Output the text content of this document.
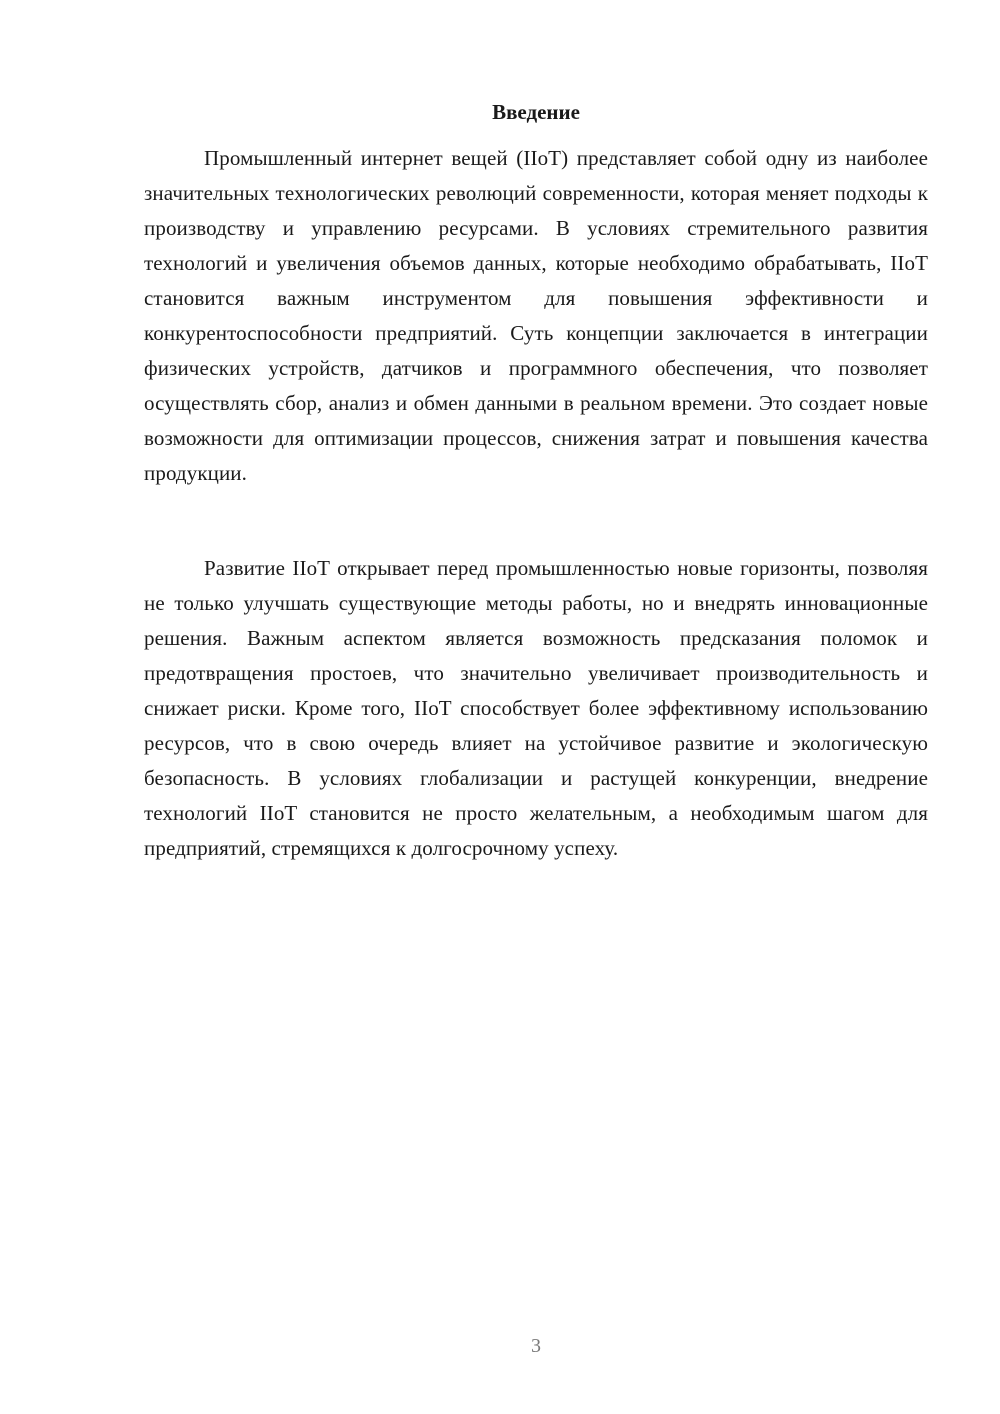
Введение

Промышленный интернет вещей (IIoT) представляет собой одну из наиболее значительных технологических революций современности, которая меняет подходы к производству и управлению ресурсами. В условиях стремительного развития технологий и увеличения объемов данных, которые необходимо обрабатывать, IIoT становится важным инструментом для повышения эффективности и конкурентоспособности предприятий. Суть концепции заключается в интеграции физических устройств, датчиков и программного обеспечения, что позволяет осуществлять сбор, анализ и обмен данными в реальном времени. Это создает новые возможности для оптимизации процессов, снижения затрат и повышения качества продукции.

Развитие IIoT открывает перед промышленностью новые горизонты, позволяя не только улучшать существующие методы работы, но и внедрять инновационные решения. Важным аспектом является возможность предсказания поломок и предотвращения простоев, что значительно увеличивает производительность и снижает риски. Кроме того, IIoT способствует более эффективному использованию ресурсов, что в свою очередь влияет на устойчивое развитие и экологическую безопасность. В условиях глобализации и растущей конкуренции, внедрение технологий IIoT становится не просто желательным, а необходимым шагом для предприятий, стремящихся к долгосрочному успеху.

3
